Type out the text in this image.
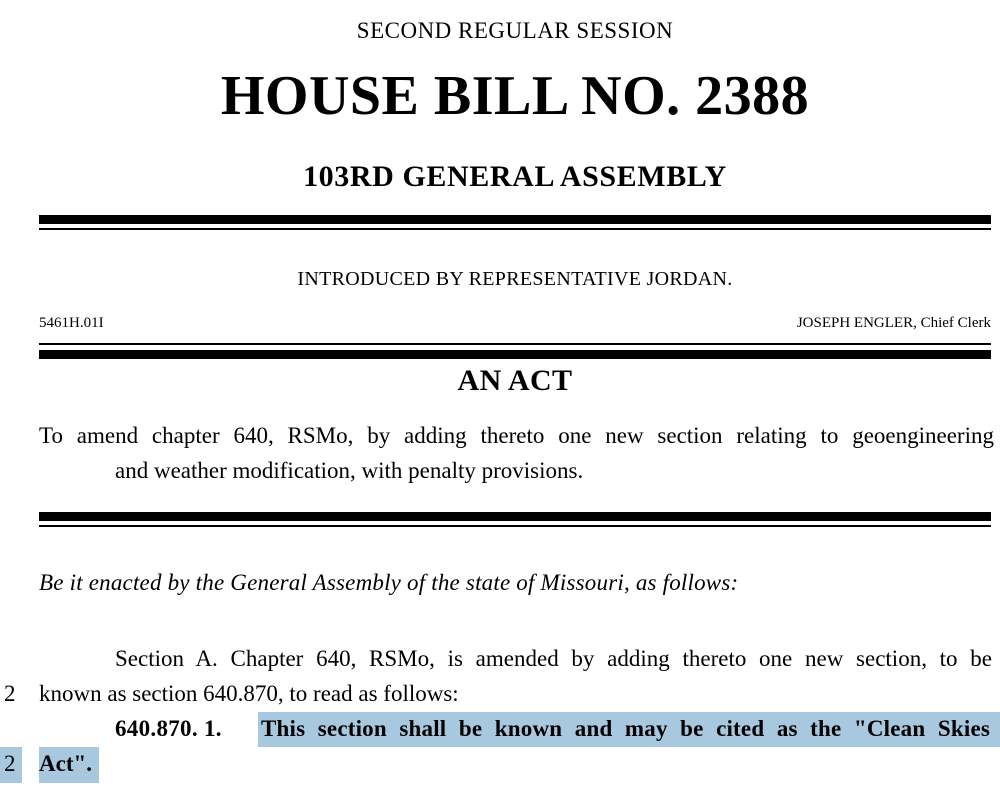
SECOND REGULAR SESSION
HOUSE BILL NO. 2388
103RD GENERAL ASSEMBLY
INTRODUCED BY REPRESENTATIVE JORDAN.
5461H.01I	JOSEPH ENGLER, Chief Clerk
AN ACT
To amend chapter 640, RSMo, by adding thereto one new section relating to geoengineering
and weather modification, with penalty provisions.
Be it enacted by the General Assembly of the state of Missouri, as follows:
Section A. Chapter 640, RSMo, is amended by adding thereto one new section, to be
2 known as section 640.870, to read as follows:
640.870. 1. This section shall be known and may be cited as the "Clean Skies
2 Act".
